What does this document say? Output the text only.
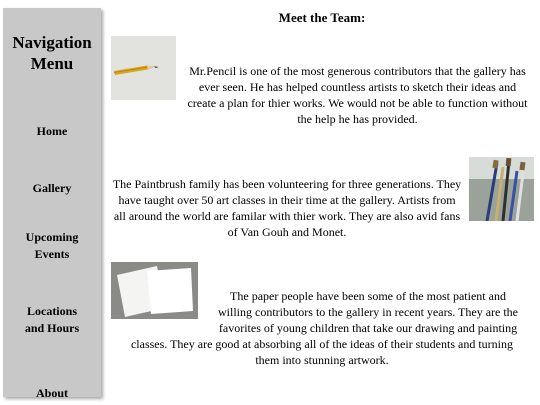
Navigation Menu
Home
Gallery
Upcoming Events
Locations and Hours
About
Meet the Team:
Mr.Pencil is one of the most generous contributors that the gallery has ever seen. He has helped countless artists to sketch their ideas and create a plan for thier works. We would not be able to function without the help he has provided.
The Paintbrush family has been volunteering for three generations. They have taught over 50 art classes in their time at the gallery. Artists from all around the world are familar with thier work. They are also avid fans of Van Gouh and Monet.
The paper people have been some of the most patient and
willing contributors to the gallery in recent years. They are the
favorites of young children that take our drawing and painting
classes. They are good at absorbing all of the ideas of their students and turning
them into stunning artwork.
